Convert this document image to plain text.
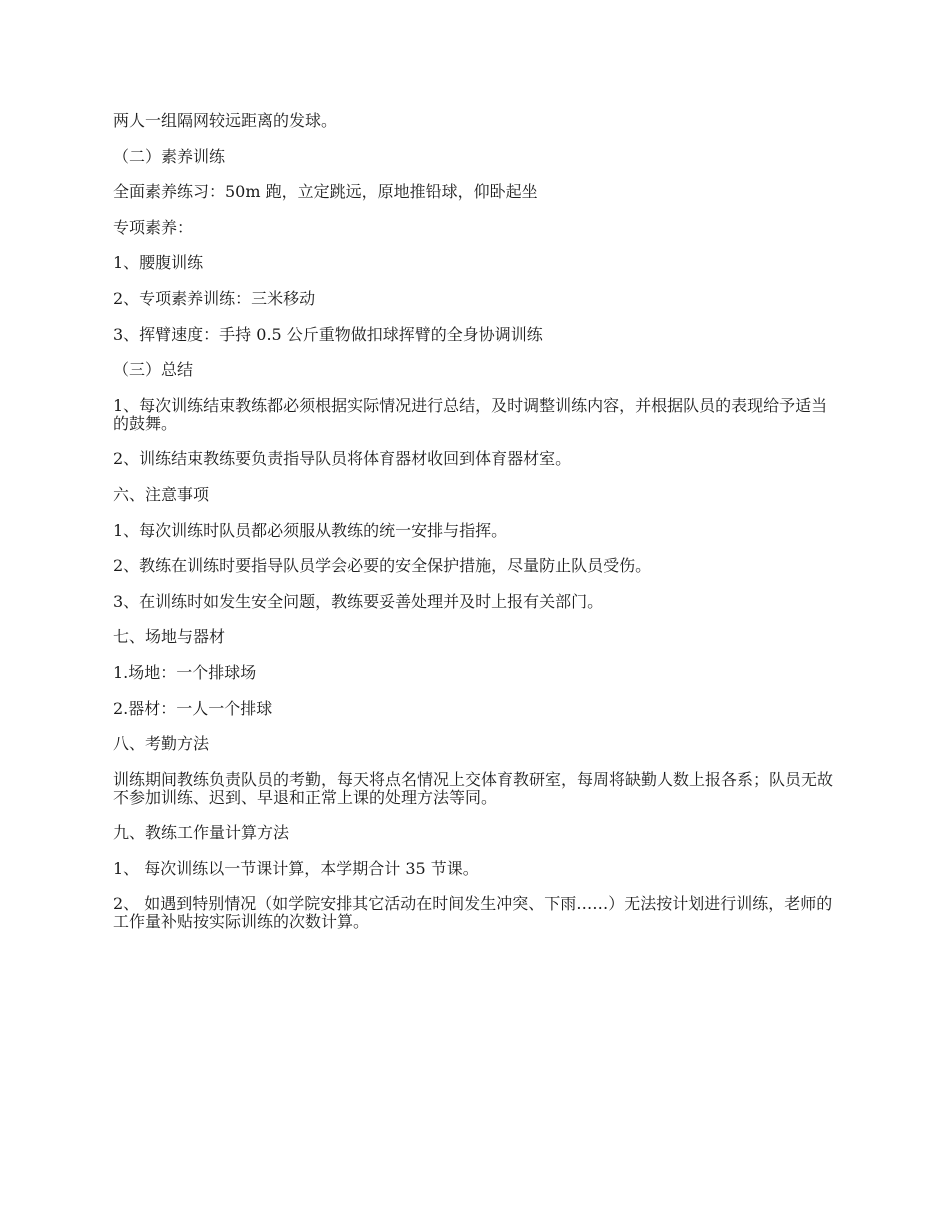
两人一组隔网较远距离的发球。

（二）素养训练

全面素养练习：50m 跑，立定跳远，原地推铅球，仰卧起坐

专项素养：

1、腰腹训练

2、专项素养训练：三米移动

3、挥臂速度：手持 0.5 公斤重物做扣球挥臂的全身协调训练

（三）总结

1、每次训练结束教练都必须根据实际情况进行总结，及时调整训练内容，并根据队员的表现给予适当的鼓舞。

2、训练结束教练要负责指导队员将体育器材收回到体育器材室。

六、注意事项

1、每次训练时队员都必须服从教练的统一安排与指挥。

2、教练在训练时要指导队员学会必要的安全保护措施，尽量防止队员受伤。

3、在训练时如发生安全问题，教练要妥善处理并及时上报有关部门。

七、场地与器材

1.场地：一个排球场

2.器材：一人一个排球

八、考勤方法

训练期间教练负责队员的考勤，每天将点名情况上交体育教研室，每周将缺勤人数上报各系；队员无故不参加训练、迟到、早退和正常上课的处理方法等同。

九、教练工作量计算方法

1、 每次训练以一节课计算，本学期合计 35 节课。

2、 如遇到特别情况（如学院安排其它活动在时间发生冲突、下雨……）无法按计划进行训练，老师的工作量补贴按实际训练的次数计算。
